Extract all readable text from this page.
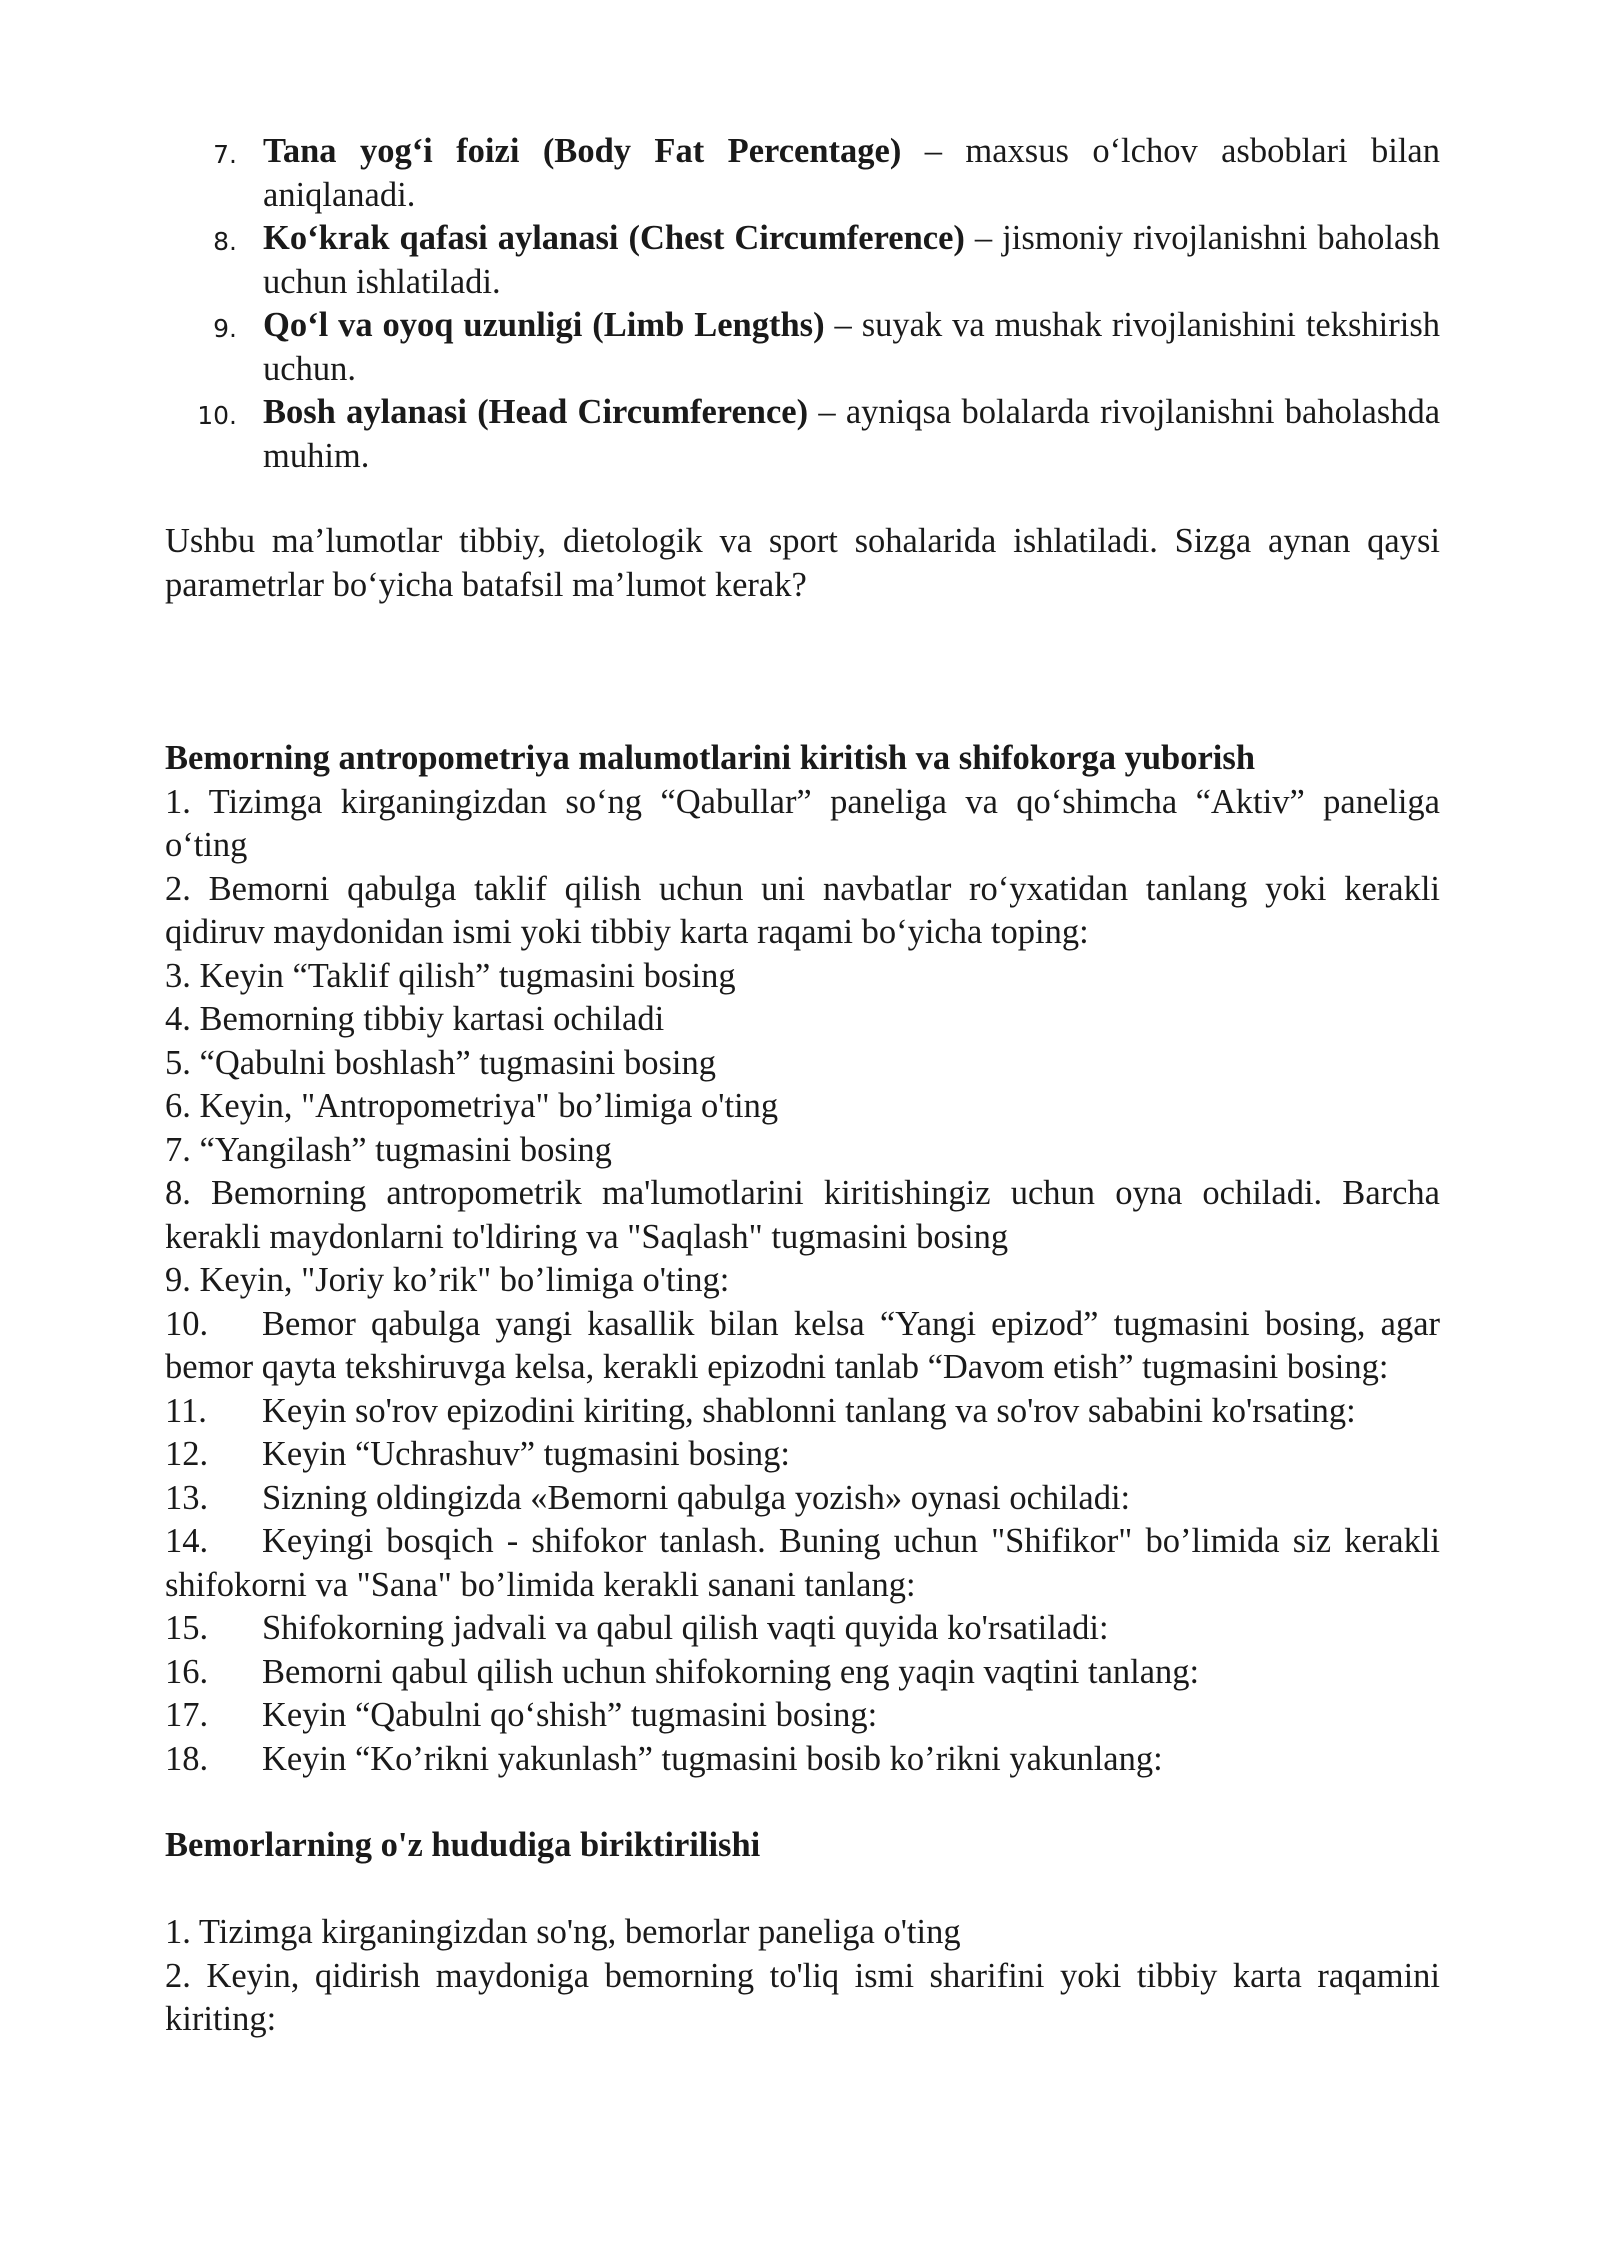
7. Tana yog‘i foizi (Body Fat Percentage) – maxsus o‘lchov asboblari bilan aniqlanadi.
8. Ko‘krak qafasi aylanasi (Chest Circumference) – jismoniy rivojlanishni baholash uchun ishlatiladi.
9. Qo‘l va oyoq uzunligi (Limb Lengths) – suyak va mushak rivojlanishini tekshirish uchun.
10. Bosh aylanasi (Head Circumference) – ayniqsa bolalarda rivojlanishni baholashda muhim.

Ushbu ma’lumotlar tibbiy, dietologik va sport sohalarida ishlatiladi. Sizga aynan qaysi parametrlar bo‘yicha batafsil ma’lumot kerak?

Bemorning antropometriya malumotlarini kiritish va shifokorga yuborish
1. Tizimga kirganingizdan so‘ng “Qabullar” paneliga va qo‘shimcha “Aktiv” paneliga o‘ting
2. Bemorni qabulga taklif qilish uchun uni navbatlar ro‘yxatidan tanlang yoki kerakli qidiruv maydonidan ismi yoki tibbiy karta raqami bo‘yicha toping:
3. Keyin “Taklif qilish” tugmasini bosing
4. Bemorning tibbiy kartasi ochiladi
5. “Qabulni boshlash” tugmasini bosing
6. Keyin, "Antropometriya" bo’limiga o'ting
7. “Yangilash” tugmasini bosing
8. Bemorning antropometrik ma'lumotlarini kiritishingiz uchun oyna ochiladi. Barcha kerakli maydonlarni to'ldiring va "Saqlash" tugmasini bosing
9. Keyin, "Joriy ko’rik" bo’limiga o'ting:
10. Bemor qabulga yangi kasallik bilan kelsa “Yangi epizod” tugmasini bosing, agar bemor qayta tekshiruvga kelsa, kerakli epizodni tanlab “Davom etish” tugmasini bosing:
11.	Keyin so'rov epizodini kiriting, shablonni tanlang va so'rov sababini ko'rsating:
12.	Keyin “Uchrashuv” tugmasini bosing:
13.	Sizning oldingizda «Bemorni qabulga yozish» oynasi ochiladi:
14. Keyingi bosqich - shifokor tanlash. Buning uchun "Shifikor" bo’limida siz kerakli shifokorni va "Sana" bo’limida kerakli sanani tanlang:
15.	Shifokorning jadvali va qabul qilish vaqti quyida ko'rsatiladi:
16.	Bemorni qabul qilish uchun shifokorning eng yaqin vaqtini tanlang:
17.	Keyin “Qabulni qo‘shish” tugmasini bosing:
18.	Keyin “Ko’rikni yakunlash” tugmasini bosib ko’rikni yakunlang:
Bemorlarning o'z hududiga biriktirilishi
1. Tizimga kirganingizdan so'ng, bemorlar paneliga o'ting
2. Keyin, qidirish maydoniga bemorning to'liq ismi sharifini yoki tibbiy karta raqamini kiriting:
